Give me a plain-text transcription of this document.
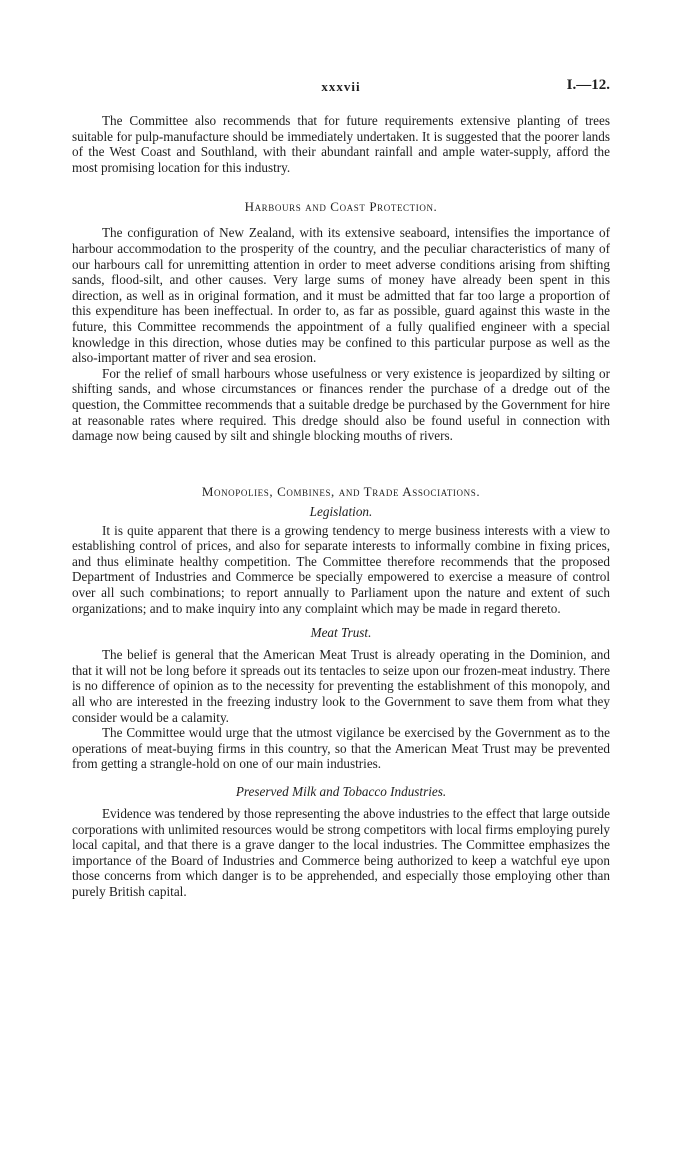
xxxvii	I.—12.

The Committee also recommends that for future requirements extensive planting of trees suitable for pulp-manufacture should be immediately undertaken. It is suggested that the poorer lands of the West Coast and Southland, with their abundant rainfall and ample water-supply, afford the most promising location for this industry.

Harbours and Coast Protection.

The configuration of New Zealand, with its extensive seaboard, intensifies the importance of harbour accommodation to the prosperity of the country, and the peculiar characteristics of many of our harbours call for unremitting attention in order to meet adverse conditions arising from shifting sands, flood-silt, and other causes. Very large sums of money have already been spent in this direction, as well as in original formation, and it must be admitted that far too large a proportion of this expenditure has been ineffectual. In order to, as far as possible, guard against this waste in the future, this Committee recommends the appointment of a fully qualified engineer with a special knowledge in this direction, whose duties may be confined to this particular purpose as well as the also-important matter of river and sea erosion.

For the relief of small harbours whose usefulness or very existence is jeopardized by silting or shifting sands, and whose circumstances or finances render the purchase of a dredge out of the question, the Committee recommends that a suitable dredge be purchased by the Government for hire at reasonable rates where required. This dredge should also be found useful in connection with damage now being caused by silt and shingle blocking mouths of rivers.

Monopolies, Combines, and Trade Associations.
Legislation.

It is quite apparent that there is a growing tendency to merge business interests with a view to establishing control of prices, and also for separate interests to informally combine in fixing prices, and thus eliminate healthy competition. The Committee therefore recommends that the proposed Department of Industries and Commerce be specially empowered to exercise a measure of control over all such combinations; to report annually to Parliament upon the nature and extent of such organizations; and to make inquiry into any complaint which may be made in regard thereto.

Meat Trust.

The belief is general that the American Meat Trust is already operating in the Dominion, and that it will not be long before it spreads out its tentacles to seize upon our frozen-meat industry. There is no difference of opinion as to the necessity for preventing the establishment of this monopoly, and all who are interested in the freezing industry look to the Government to save them from what they consider would be a calamity.

The Committee would urge that the utmost vigilance be exercised by the Government as to the operations of meat-buying firms in this country, so that the American Meat Trust may be prevented from getting a strangle-hold on one of our main industries.

Preserved Milk and Tobacco Industries.

Evidence was tendered by those representing the above industries to the effect that large outside corporations with unlimited resources would be strong competitors with local firms employing purely local capital, and that there is a grave danger to the local industries. The Committee emphasizes the importance of the Board of Industries and Commerce being authorized to keep a watchful eye upon those concerns from which danger is to be apprehended, and especially those employing other than purely British capital.
